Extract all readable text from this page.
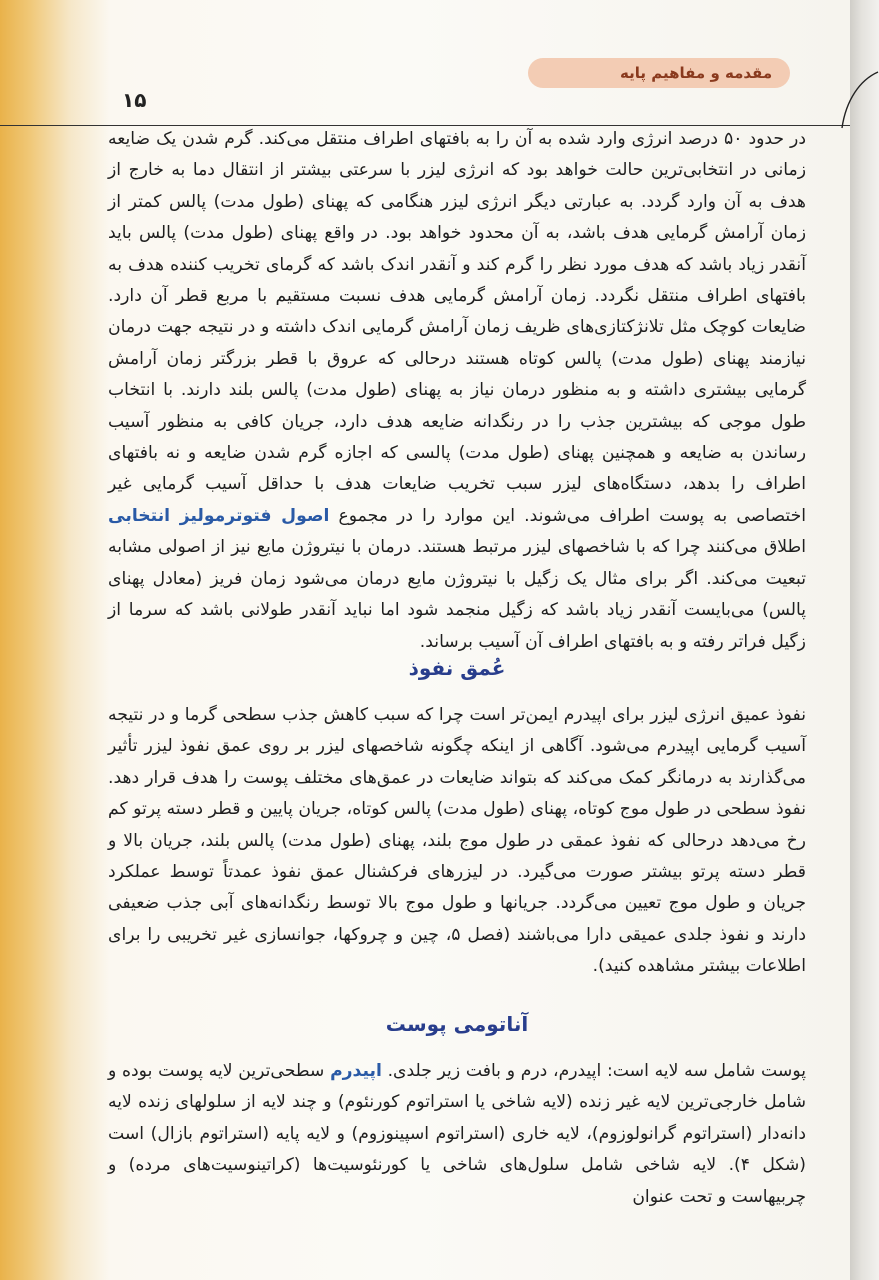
مقدمه و مفاهیم پایه
۱۵
در حدود ۵۰ درصد انرژی وارد شده به آن را به بافتهای اطراف منتقل می‌کند. گرم شدن یک ضایعه زمانی در انتخابی‌ترین حالت خواهد بود که انرژی لیزر با سرعتی بیشتر از انتقال دما به خارج از هدف به آن وارد گردد. به عبارتی دیگر انرژی لیزر هنگامی که پهنای (طول مدت) پالس کمتر از زمان آرامش گرمایی هدف باشد، به آن محدود خواهد بود. در واقع پهنای (طول مدت) پالس باید آنقدر زیاد باشد که هدف مورد نظر را گرم کند و آنقدر اندک باشد که گرمای تخریب کننده هدف به بافتهای اطراف منتقل نگردد. زمان آرامش گرمایی هدف نسبت مستقیم با مربع قطر آن دارد. ضایعات کوچک مثل تلانژکتازی‌های ظریف زمان آرامش گرمایی اندک داشته و در نتیجه جهت درمان نیازمند پهنای (طول مدت) پالس کوتاه هستند درحالی که عروق با قطر بزرگتر زمان آرامش گرمایی بیشتری داشته و به منظور درمان نیاز به پهنای (طول مدت) پالس بلند دارند. با انتخاب طول موجی که بیشترین جذب را در رنگدانه ضایعه هدف دارد، جریان کافی به منظور آسیب رساندن به ضایعه و همچنین پهنای (طول مدت) پالسی که اجازه گرم شدن ضایعه و نه بافتهای اطراف را بدهد، دستگاه‌های لیزر سبب تخریب ضایعات هدف با حداقل آسیب گرمایی غیر اختصاصی به پوست اطراف می‌شوند. این موارد را در مجموع اصول فتوترمولیز انتخابی اطلاق می‌کنند چرا که با شاخصهای لیزر مرتبط هستند. درمان با نیتروژن مایع نیز از اصولی مشابه تبعیت می‌کند. اگر برای مثال یک زگیل با نیتروژن مایع درمان می‌شود زمان فریز (معادل پهنای پالس) می‌بایست آنقدر زیاد باشد که زگیل منجمد شود اما نباید آنقدر طولانی باشد که سرما از زگیل فراتر رفته و به بافتهای اطراف آن آسیب برساند.
عُمق نفوذ
نفوذ عمیق انرژی لیزر برای اپیدرم ایمن‌تر است چرا که سبب کاهش جذب سطحی گرما و در نتیجه آسیب گرمایی اپیدرم می‌شود. آگاهی از اینکه چگونه شاخصهای لیزر بر روی عمق نفوذ لیزر تأثیر می‌گذارند به درمانگر کمک می‌کند که بتواند ضایعات در عمق‌های مختلف پوست را هدف قرار دهد. نفوذ سطحی در طول موج کوتاه، پهنای (طول مدت) پالس کوتاه، جریان پایین و قطر دسته پرتو کم رخ می‌دهد درحالی که نفوذ عمقی در طول موج بلند، پهنای (طول مدت) پالس بلند، جریان بالا و قطر دسته پرتو بیشتر صورت می‌گیرد. در لیزرهای فرکشنال عمق نفوذ عمدتاً توسط عملکرد جریان و طول موج تعیین می‌گردد. جریانها و طول موج بالا توسط رنگدانه‌های آبی جذب ضعیفی دارند و نفوذ جلدی عمیقی دارا می‌باشند (فصل ۵، چین و چروکها، جوانسازی غیر تخریبی را برای اطلاعات بیشتر مشاهده کنید).
آناتومی پوست
پوست شامل سه لایه است: اپیدرم، درم و بافت زیر جلدی. اپیدرم سطحی‌ترین لایه پوست بوده و شامل خارجی‌ترین لایه غیر زنده (لایه شاخی یا استراتوم کورنئوم) و چند لایه از سلولهای زنده لایه دانه‌دار (استراتوم گرانولوزوم)، لایه خاری (استراتوم اسپینوزوم) و لایه پایه (استراتوم بازال) است (شکل ۴). لایه شاخی شامل سلول‌های شاخی یا کورنئوسیت‌ها (کراتینوسیت‌های مرده) و چربیهاست و تحت عنوان
